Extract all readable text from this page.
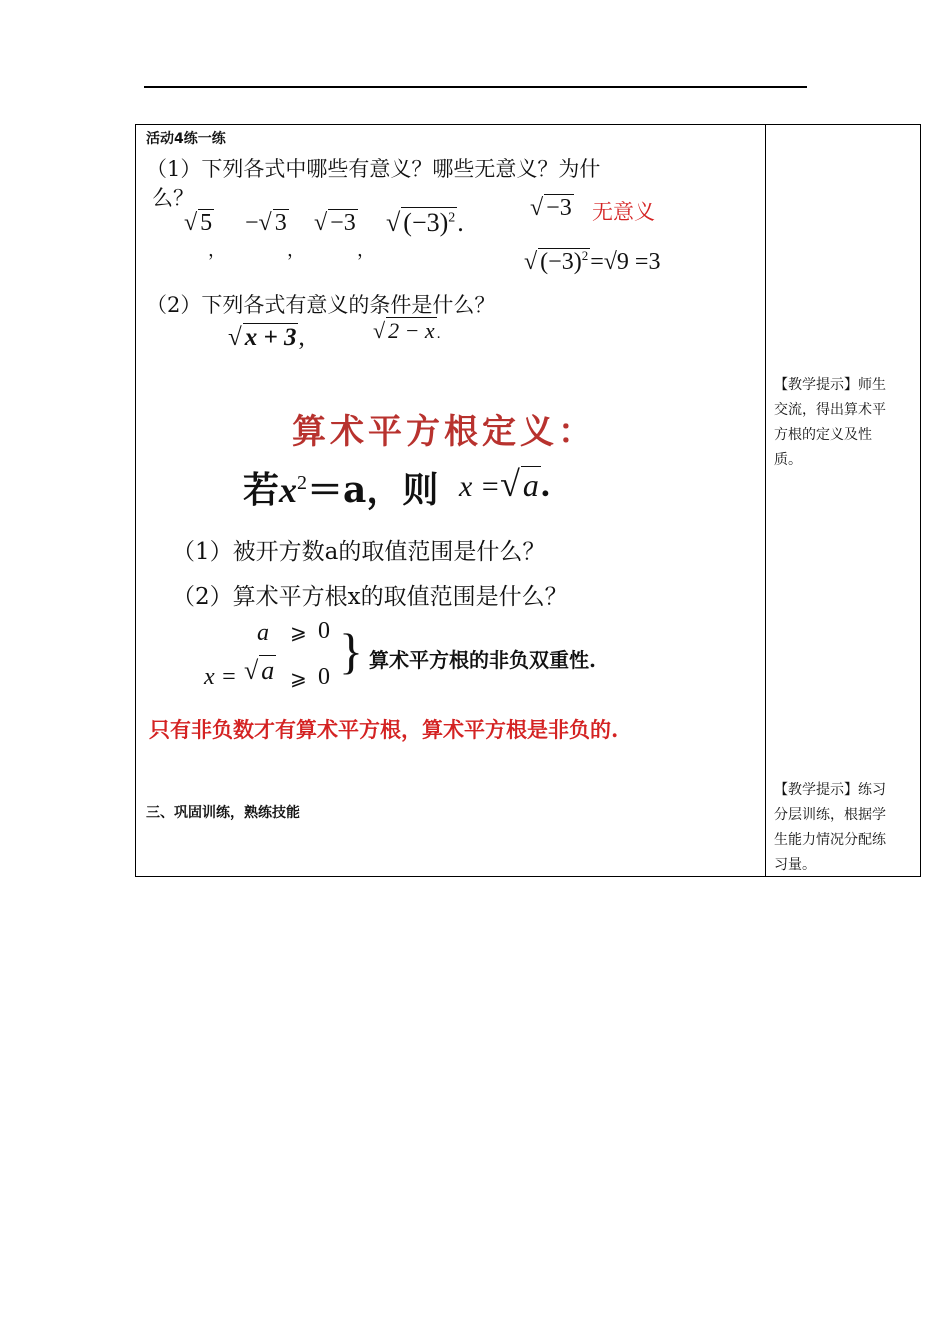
活动4练一练
（1）下列各式中哪些有意义？哪些无意义？为什
么？
√ 5
，
−√ 3
，
√ −3
，
√ $(-3)^2$.	√ −3 无意义
√ $(-3)^2=√9 =3$
（2）下列各式有意义的条件是什么？
√ x + 3,	√ 2 − x .
算术平方根定义：
若$x^2=a$，则 x =√a.
（1）被开方数a的取值范围是什么？
（2）算术平方根x的取值范围是什么？
a ⩾ 0
x = √ a ⩾ 0 } 算术平方根的非负双重性.
只有非负数才有算术平方根，算术平方根是非负的.
三、巩固训练，熟练技能
【教学提示】师生
交流，得出算术平
方根的定义及性
质。
【教学提示】练习
分层训练，根据学
生能力情况分配练
习量。
